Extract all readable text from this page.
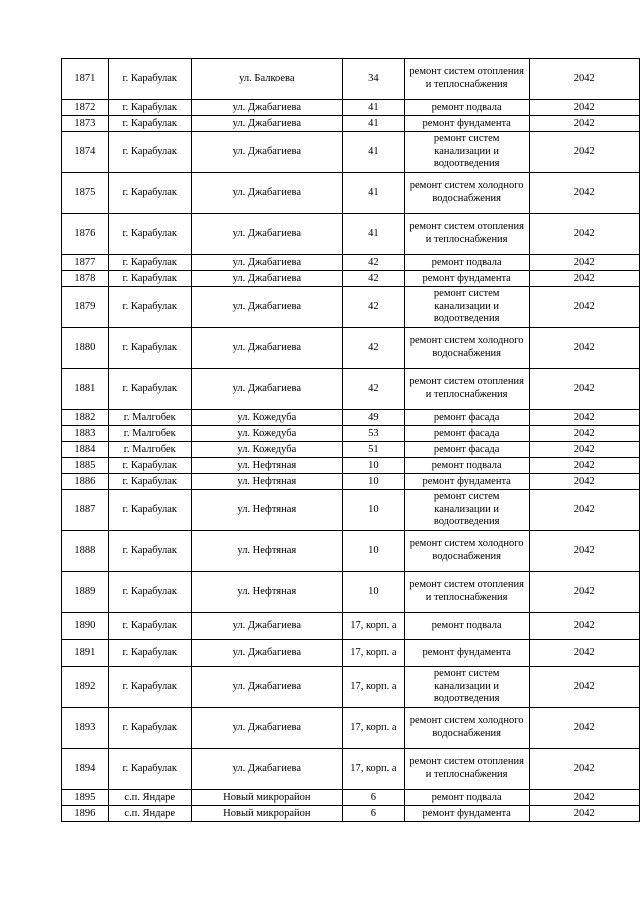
1871	г. Карабулак	ул. Балкоева	34	ремонт систем отопления и теплоснабжения	2042
1872	г. Карабулак	ул. Джабагиева	41	ремонт подвала	2042
1873	г. Карабулак	ул. Джабагиева	41	ремонт фундамента	2042
1874	г. Карабулак	ул. Джабагиева	41	ремонт систем канализации и водоотведения	2042
1875	г. Карабулак	ул. Джабагиева	41	ремонт систем холодного водоснабжения	2042
1876	г. Карабулак	ул. Джабагиева	41	ремонт систем отопления и теплоснабжения	2042
1877	г. Карабулак	ул. Джабагиева	42	ремонт подвала	2042
1878	г. Карабулак	ул. Джабагиева	42	ремонт фундамента	2042
1879	г. Карабулак	ул. Джабагиева	42	ремонт систем канализации и водоотведения	2042
1880	г. Карабулак	ул. Джабагиева	42	ремонт систем холодного водоснабжения	2042
1881	г. Карабулак	ул. Джабагиева	42	ремонт систем отопления и теплоснабжения	2042
1882	г. Малгобек	ул. Кожедуба	49	ремонт фасада	2042
1883	г. Малгобек	ул. Кожедуба	53	ремонт фасада	2042
1884	г. Малгобек	ул. Кожедуба	51	ремонт фасада	2042
1885	г. Карабулак	ул. Нефтяная	10	ремонт подвала	2042
1886	г. Карабулак	ул. Нефтяная	10	ремонт фундамента	2042
1887	г. Карабулак	ул. Нефтяная	10	ремонт систем канализации и водоотведения	2042
1888	г. Карабулак	ул. Нефтяная	10	ремонт систем холодного водоснабжения	2042
1889	г. Карабулак	ул. Нефтяная	10	ремонт систем отопления и теплоснабжения	2042
1890	г. Карабулак	ул. Джабагиева	17, корп. а	ремонт подвала	2042
1891	г. Карабулак	ул. Джабагиева	17, корп. а	ремонт фундамента	2042
1892	г. Карабулак	ул. Джабагиева	17, корп. а	ремонт систем канализации и водоотведения	2042
1893	г. Карабулак	ул. Джабагиева	17, корп. а	ремонт систем холодного водоснабжения	2042
1894	г. Карабулак	ул. Джабагиева	17, корп. а	ремонт систем отопления и теплоснабжения	2042
1895	с.п. Яндаре	Новый микрорайон	6	ремонт подвала	2042
1896	с.п. Яндаре	Новый микрорайон	6	ремонт фундамента	2042
